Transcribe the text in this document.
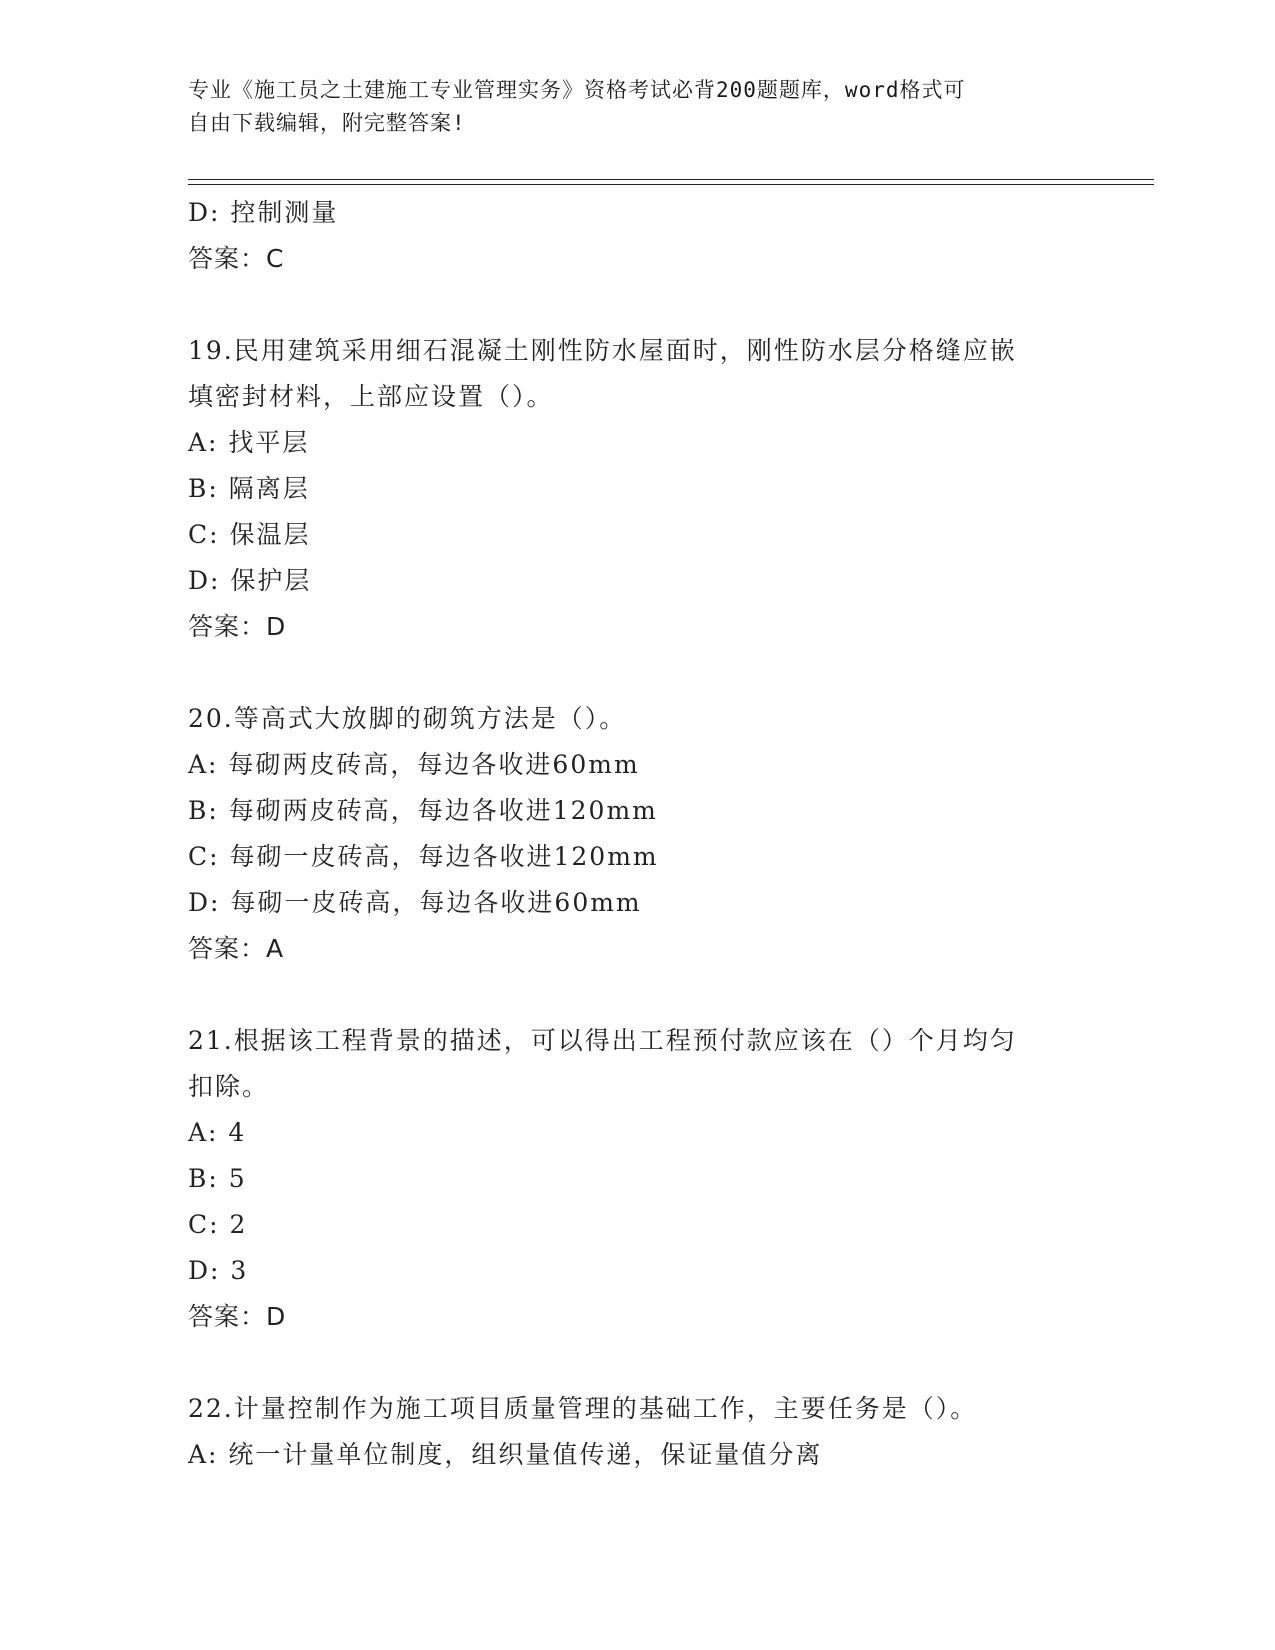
专业《施工员之土建施工专业管理实务》资格考试必背200题题库，word格式可
自由下载编辑，附完整答案!
D: 控制测量
答案：C
19.民用建筑采用细石混凝土刚性防水屋面时，刚性防水层分格缝应嵌
填密封材料，上部应设置（）。
A: 找平层
B: 隔离层
C: 保温层
D: 保护层
答案：D
20.等高式大放脚的砌筑方法是（）。
A: 每砌两皮砖高，每边各收进60mm
B: 每砌两皮砖高，每边各收进120mm
C: 每砌一皮砖高，每边各收进120mm
D: 每砌一皮砖高，每边各收进60mm
答案：A
21.根据该工程背景的描述，可以得出工程预付款应该在（）个月均匀
扣除。
A: 4
B: 5
C: 2
D: 3
答案：D
22.计量控制作为施工项目质量管理的基础工作，主要任务是（）。
A: 统一计量单位制度，组织量值传递，保证量值分离
